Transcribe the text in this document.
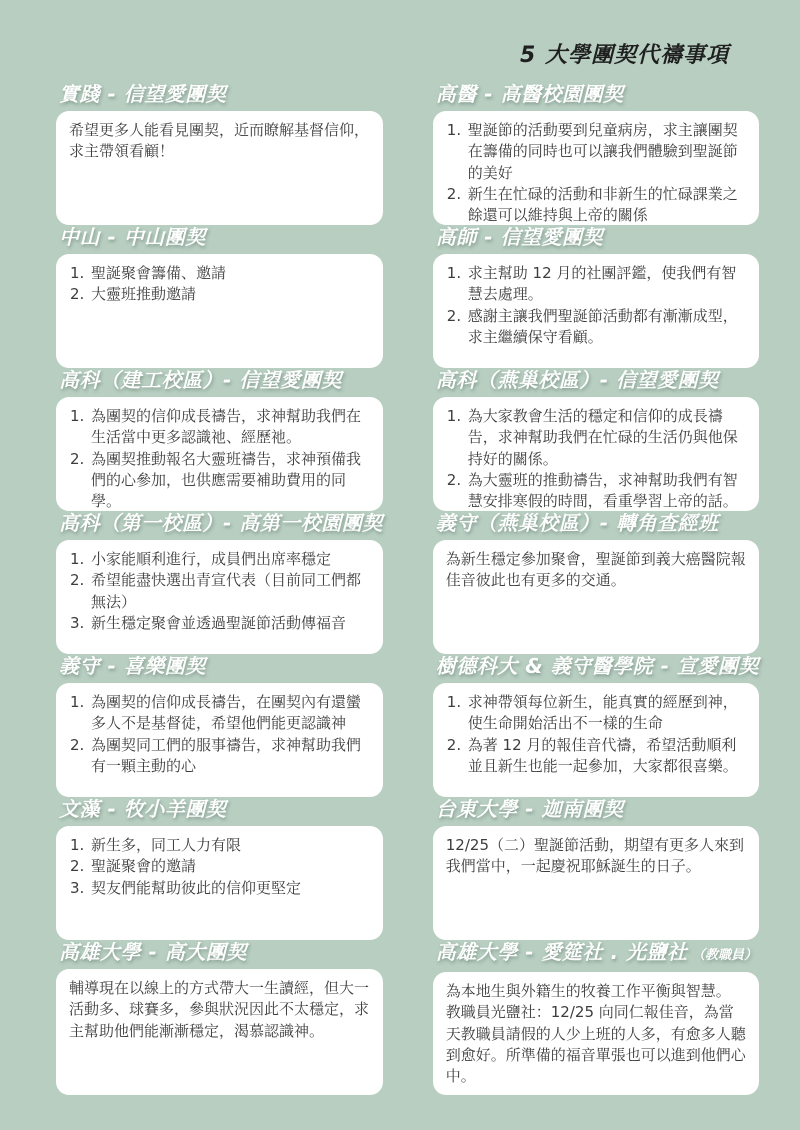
5 大學團契代禱事項
實踐 - 信望愛團契

希望更多人能看見團契，近而瞭解基督信仰，求主帶領看顧！

中山 - 中山團契
聖誕聚會籌備、邀請
大靈班推動邀請
高科（建工校區）- 信望愛團契
為團契的信仰成長禱告，求神幫助我們在生活當中更多認識祂、經歷祂。
為團契推動報名大靈班禱告，求神預備我們的心參加，也供應需要補助費用的同學。
高科（第一校區）- 高第一校園團契
小家能順利進行，成員們出席率穩定
希望能盡快選出青宣代表（目前同工們都無法）
新生穩定聚會並透過聖誕節活動傳福音
義守 - 喜樂團契
為團契的信仰成長禱告，在團契內有還蠻多人不是基督徒，希望他們能更認識神
為團契同工們的服事禱告，求神幫助我們有一顆主動的心
文藻 - 牧小羊團契
新生多，同工人力有限
聖誕聚會的邀請
契友們能幫助彼此的信仰更堅定
高雄大學 - 高大團契

輔導現在以線上的方式帶大一生讀經，但大一活動多、球賽多，參與狀況因此不太穩定，求主幫助他們能漸漸穩定，渴慕認識神。

高醫 - 高醫校園團契
聖誕節的活動要到兒童病房，求主讓團契在籌備的同時也可以讓我們體驗到聖誕節的美好
新生在忙碌的活動和非新生的忙碌課業之餘還可以維持與上帝的關係
高師 - 信望愛團契
求主幫助 12 月的社團評鑑，使我們有智慧去處理。
感謝主讓我們聖誕節活動都有漸漸成型，求主繼續保守看顧。
高科（燕巢校區）- 信望愛團契
為大家教會生活的穩定和信仰的成長禱告，求神幫助我們在忙碌的生活仍與他保持好的關係。
為大靈班的推動禱告，求神幫助我們有智慧安排寒假的時間，看重學習上帝的話。
義守（燕巢校區）- 轉角查經班

為新生穩定參加聚會，聖誕節到義大癌醫院報佳音彼此也有更多的交通。

樹德科大 & 義守醫學院 - 宣愛團契
求神帶領每位新生，能真實的經歷到神，使生命開始活出不一樣的生命
為著 12 月的報佳音代禱，希望活動順利並且新生也能一起參加，大家都很喜樂。
台東大學 - 迦南團契

12/25（二）聖誕節活動，期望有更多人來到我們當中，一起慶祝耶穌誕生的日子。

高雄大學 - 愛筵社 . 光鹽社 （教職員）

為本地生與外籍生的牧養工作平衡與智慧。

教職員光鹽社：12/25 向同仁報佳音，為當天教職員請假的人少上班的人多，有愈多人聽到愈好。所準備的福音單張也可以進到他們心中。
